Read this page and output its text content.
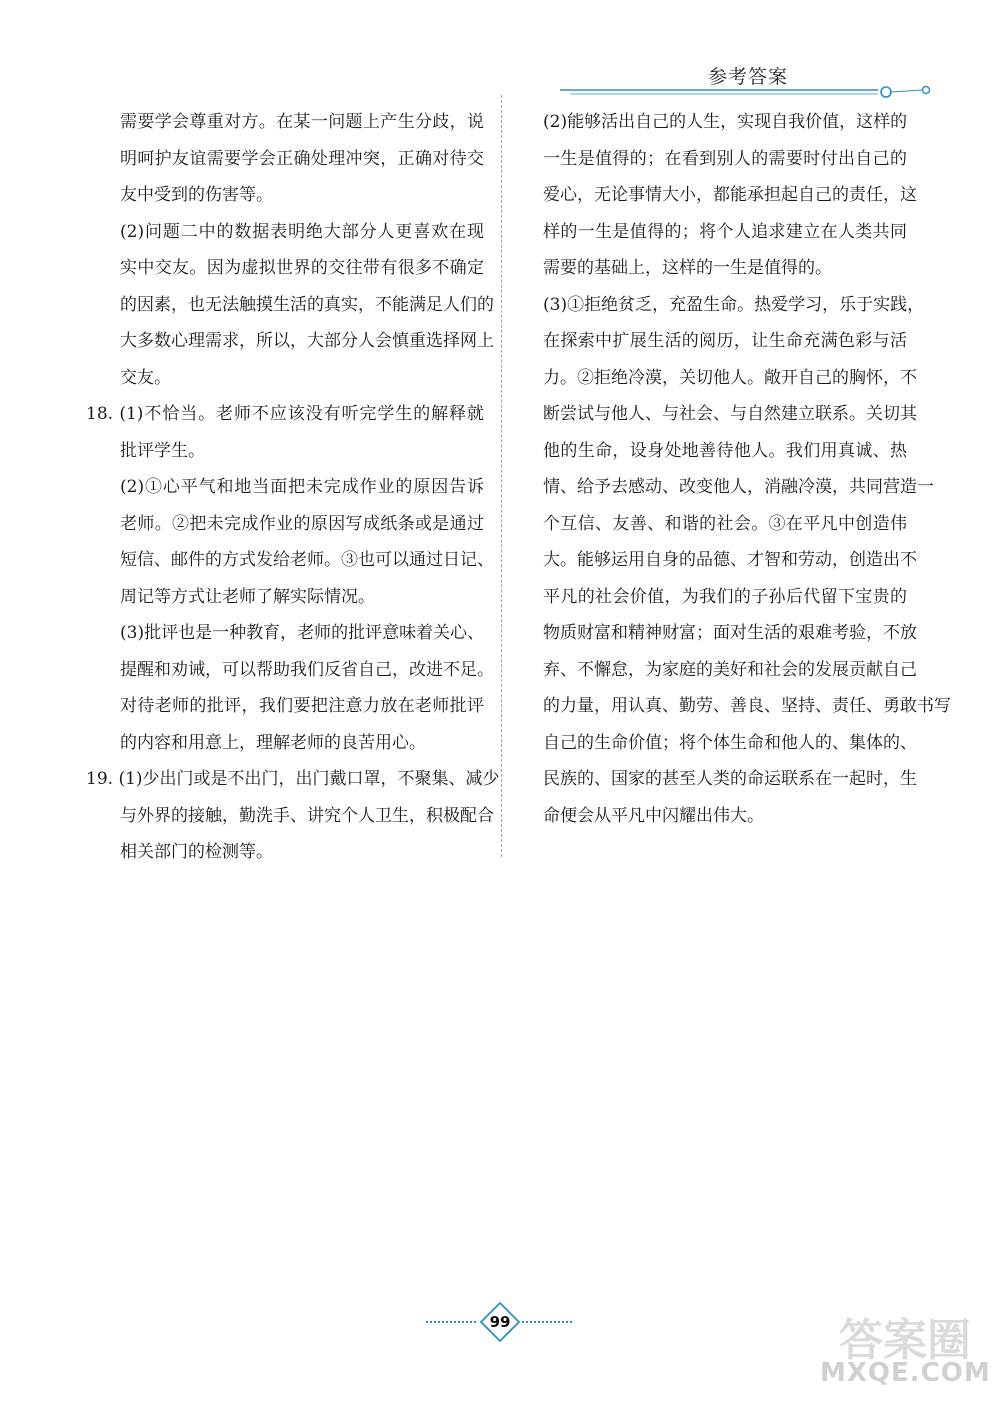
参考答案
需要学会尊重对方。在某一问题上产生分歧，说
明呵护友谊需要学会正确处理冲突，正确对待交
友中受到的伤害等。
(2)问题二中的数据表明绝大部分人更喜欢在现
实中交友。因为虚拟世界的交往带有很多不确定
的因素，也无法触摸生活的真实，不能满足人们的
大多数心理需求，所以，大部分人会慎重选择网上
交友。
18. (1)不恰当。老师不应该没有听完学生的解释就
批评学生。
(2)①心平气和地当面把未完成作业的原因告诉
老师。②把未完成作业的原因写成纸条或是通过
短信、邮件的方式发给老师。③也可以通过日记、
周记等方式让老师了解实际情况。
(3)批评也是一种教育，老师的批评意味着关心、
提醒和劝诫，可以帮助我们反省自己，改进不足。
对待老师的批评，我们要把注意力放在老师批评
的内容和用意上，理解老师的良苦用心。
19. (1)少出门或是不出门，出门戴口罩，不聚集、减少
与外界的接触，勤洗手、讲究个人卫生，积极配合
相关部门的检测等。
(2)能够活出自己的人生，实现自我价值，这样的
一生是值得的；在看到别人的需要时付出自己的
爱心，无论事情大小，都能承担起自己的责任，这
样的一生是值得的；将个人追求建立在人类共同
需要的基础上，这样的一生是值得的。
(3)①拒绝贫乏，充盈生命。热爱学习，乐于实践，
在探索中扩展生活的阅历，让生命充满色彩与活
力。②拒绝冷漠，关切他人。敞开自己的胸怀，不
断尝试与他人、与社会、与自然建立联系。关切其
他的生命，设身处地善待他人。我们用真诚、热
情、给予去感动、改变他人，消融冷漠，共同营造一
个互信、友善、和谐的社会。③在平凡中创造伟
大。能够运用自身的品德、才智和劳动，创造出不
平凡的社会价值，为我们的子孙后代留下宝贵的
物质财富和精神财富；面对生活的艰难考验，不放
弃、不懈怠，为家庭的美好和社会的发展贡献自己
的力量，用认真、勤劳、善良、坚持、责任、勇敢书写
自己的生命价值；将个体生命和他人的、集体的、
民族的、国家的甚至人类的命运联系在一起时，生
命便会从平凡中闪耀出伟大。
99	答案圈
MXQE.COM
